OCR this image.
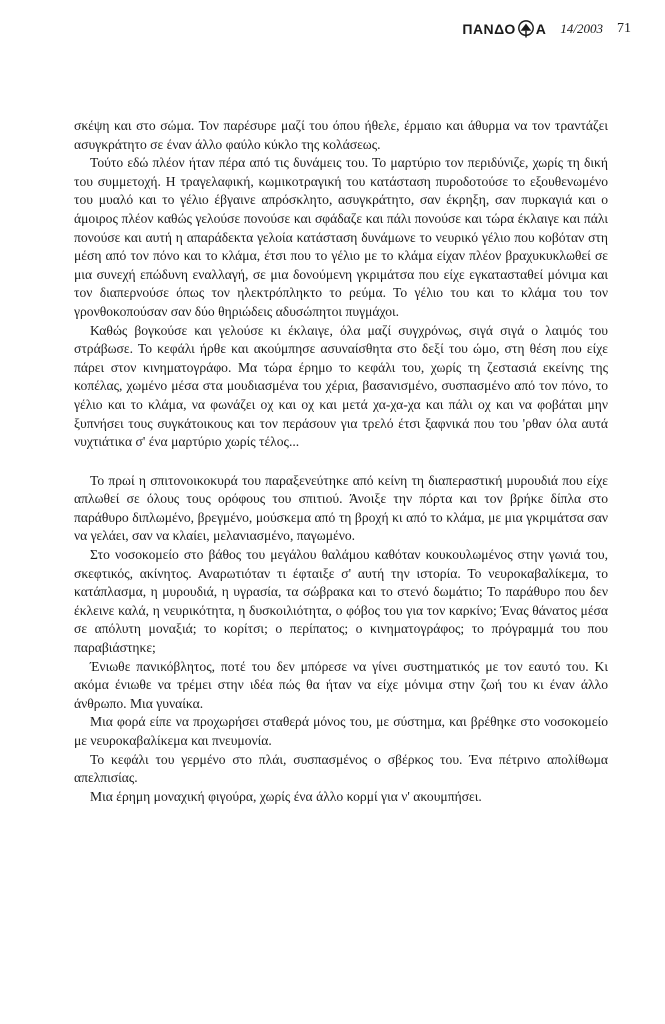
ΠΑΝΔΟ Α 14/2003 71

σκέψη και στο σώμα. Τον παρέσυρε μαζί του όπου ήθελε, έρμαιο και άθυρμα να τον τραντάζει ασυγκράτητο σε έναν άλλο φαύλο κύκλο της κολάσεως.

Τούτο εδώ πλέον ήταν πέρα από τις δυνάμεις του. Το μαρτύριο τον περιδύνιζε, χωρίς τη δική του συμμετοχή. Η τραγελαφική, κωμικοτραγική του κατάσταση πυροδοτούσε το εξουθενωμένο του μυαλό και το γέλιο έβγαινε απρόσκλητο, ασυγκράτητο, σαν έκρηξη, σαν πυρκαγιά και ο άμοιρος πλέον καθώς γελούσε πονούσε και σφάδαζε και πάλι πονούσε και τώρα έκλαιγε και πάλι πονούσε και αυτή η απαράδεκτα γελοία κατάσταση δυνάμωνε το νευρικό γέλιο που κοβόταν στη μέση από τον πόνο και το κλάμα, έτσι που το γέλιο με το κλάμα είχαν πλέον βραχυκυκλωθεί σε μια συνεχή επώδυνη εναλλαγή, σε μια δονούμενη γκριμάτσα που είχε εγκατασταθεί μόνιμα και τον διαπερνούσε όπως τον ηλεκτρόπληκτο το ρεύμα. Το γέλιο του και το κλάμα του τον γρονθοκοπούσαν σαν δύο θηριώδεις αδυσώπητοι πυγμάχοι.

Καθώς βογκούσε και γελούσε κι έκλαιγε, όλα μαζί συγχρόνως, σιγά σιγά ο λαιμός του στράβωσε. Το κεφάλι ήρθε και ακούμπησε ασυναίσθητα στο δεξί του ώμο, στη θέση που είχε πάρει στον κινηματογράφο. Μα τώρα έρημο το κεφάλι του, χωρίς τη ζεστασιά εκείνης της κοπέλας, χωμένο μέσα στα μουδιασμένα του χέρια, βασανισμένο, συσπασμένο από τον πόνο, το γέλιο και το κλάμα, να φωνάζει οχ και οχ και μετά χα-χα-χα και πάλι οχ και να φοβάται μην ξυπνήσει τους συγκάτοικους και τον περάσουν για τρελό έτσι ξαφνικά που του 'ρθαν όλα αυτά νυχτιάτικα σ' ένα μαρτύριο χωρίς τέλος...

Το πρωί η σπιτονοικοκυρά του παραξενεύτηκε από κείνη τη διαπεραστική μυρουδιά που είχε απλωθεί σε όλους τους ορόφους του σπιτιού. Άνοιξε την πόρτα και τον βρήκε δίπλα στο παράθυρο διπλωμένο, βρεγμένο, μούσκεμα από τη βροχή κι από το κλάμα, με μια γκριμάτσα σαν να γελάει, σαν να κλαίει, μελανιασμένο, παγωμένο.

Στο νοσοκομείο στο βάθος του μεγάλου θαλάμου καθόταν κουκουλωμένος στην γωνιά του, σκεφτικός, ακίνητος. Αναρωτιόταν τι έφταιξε σ' αυτή την ιστορία. Το νευροκαβαλίκεμα, το κατάπλασμα, η μυρουδιά, η υγρασία, τα σώβρακα και το στενό δωμάτιο; Το παράθυρο που δεν έκλεινε καλά, η νευρικότητα, η δυσκοιλιότητα, ο φόβος του για τον καρκίνο; Ένας θάνατος μέσα σε απόλυτη μοναξιά; το κορίτσι; ο περίπατος; ο κινηματογράφος; το πρόγραμμά του που παραβιάστηκε;

Ένιωθε πανικόβλητος, ποτέ του δεν μπόρεσε να γίνει συστηματικός με τον εαυτό του. Κι ακόμα ένιωθε να τρέμει στην ιδέα πώς θα ήταν να είχε μόνιμα στην ζωή του κι έναν άλλο άνθρωπο. Μια γυναίκα.

Μια φορά είπε να προχωρήσει σταθερά μόνος του, με σύστημα, και βρέθηκε στο νοσοκομείο με νευροκαβαλίκεμα και πνευμονία.

Το κεφάλι του γερμένο στο πλάι, συσπασμένος ο σβέρκος του. Ένα πέτρινο απολίθωμα απελπισίας.

Μια έρημη μοναχική φιγούρα, χωρίς ένα άλλο κορμί για ν' ακουμπήσει.
